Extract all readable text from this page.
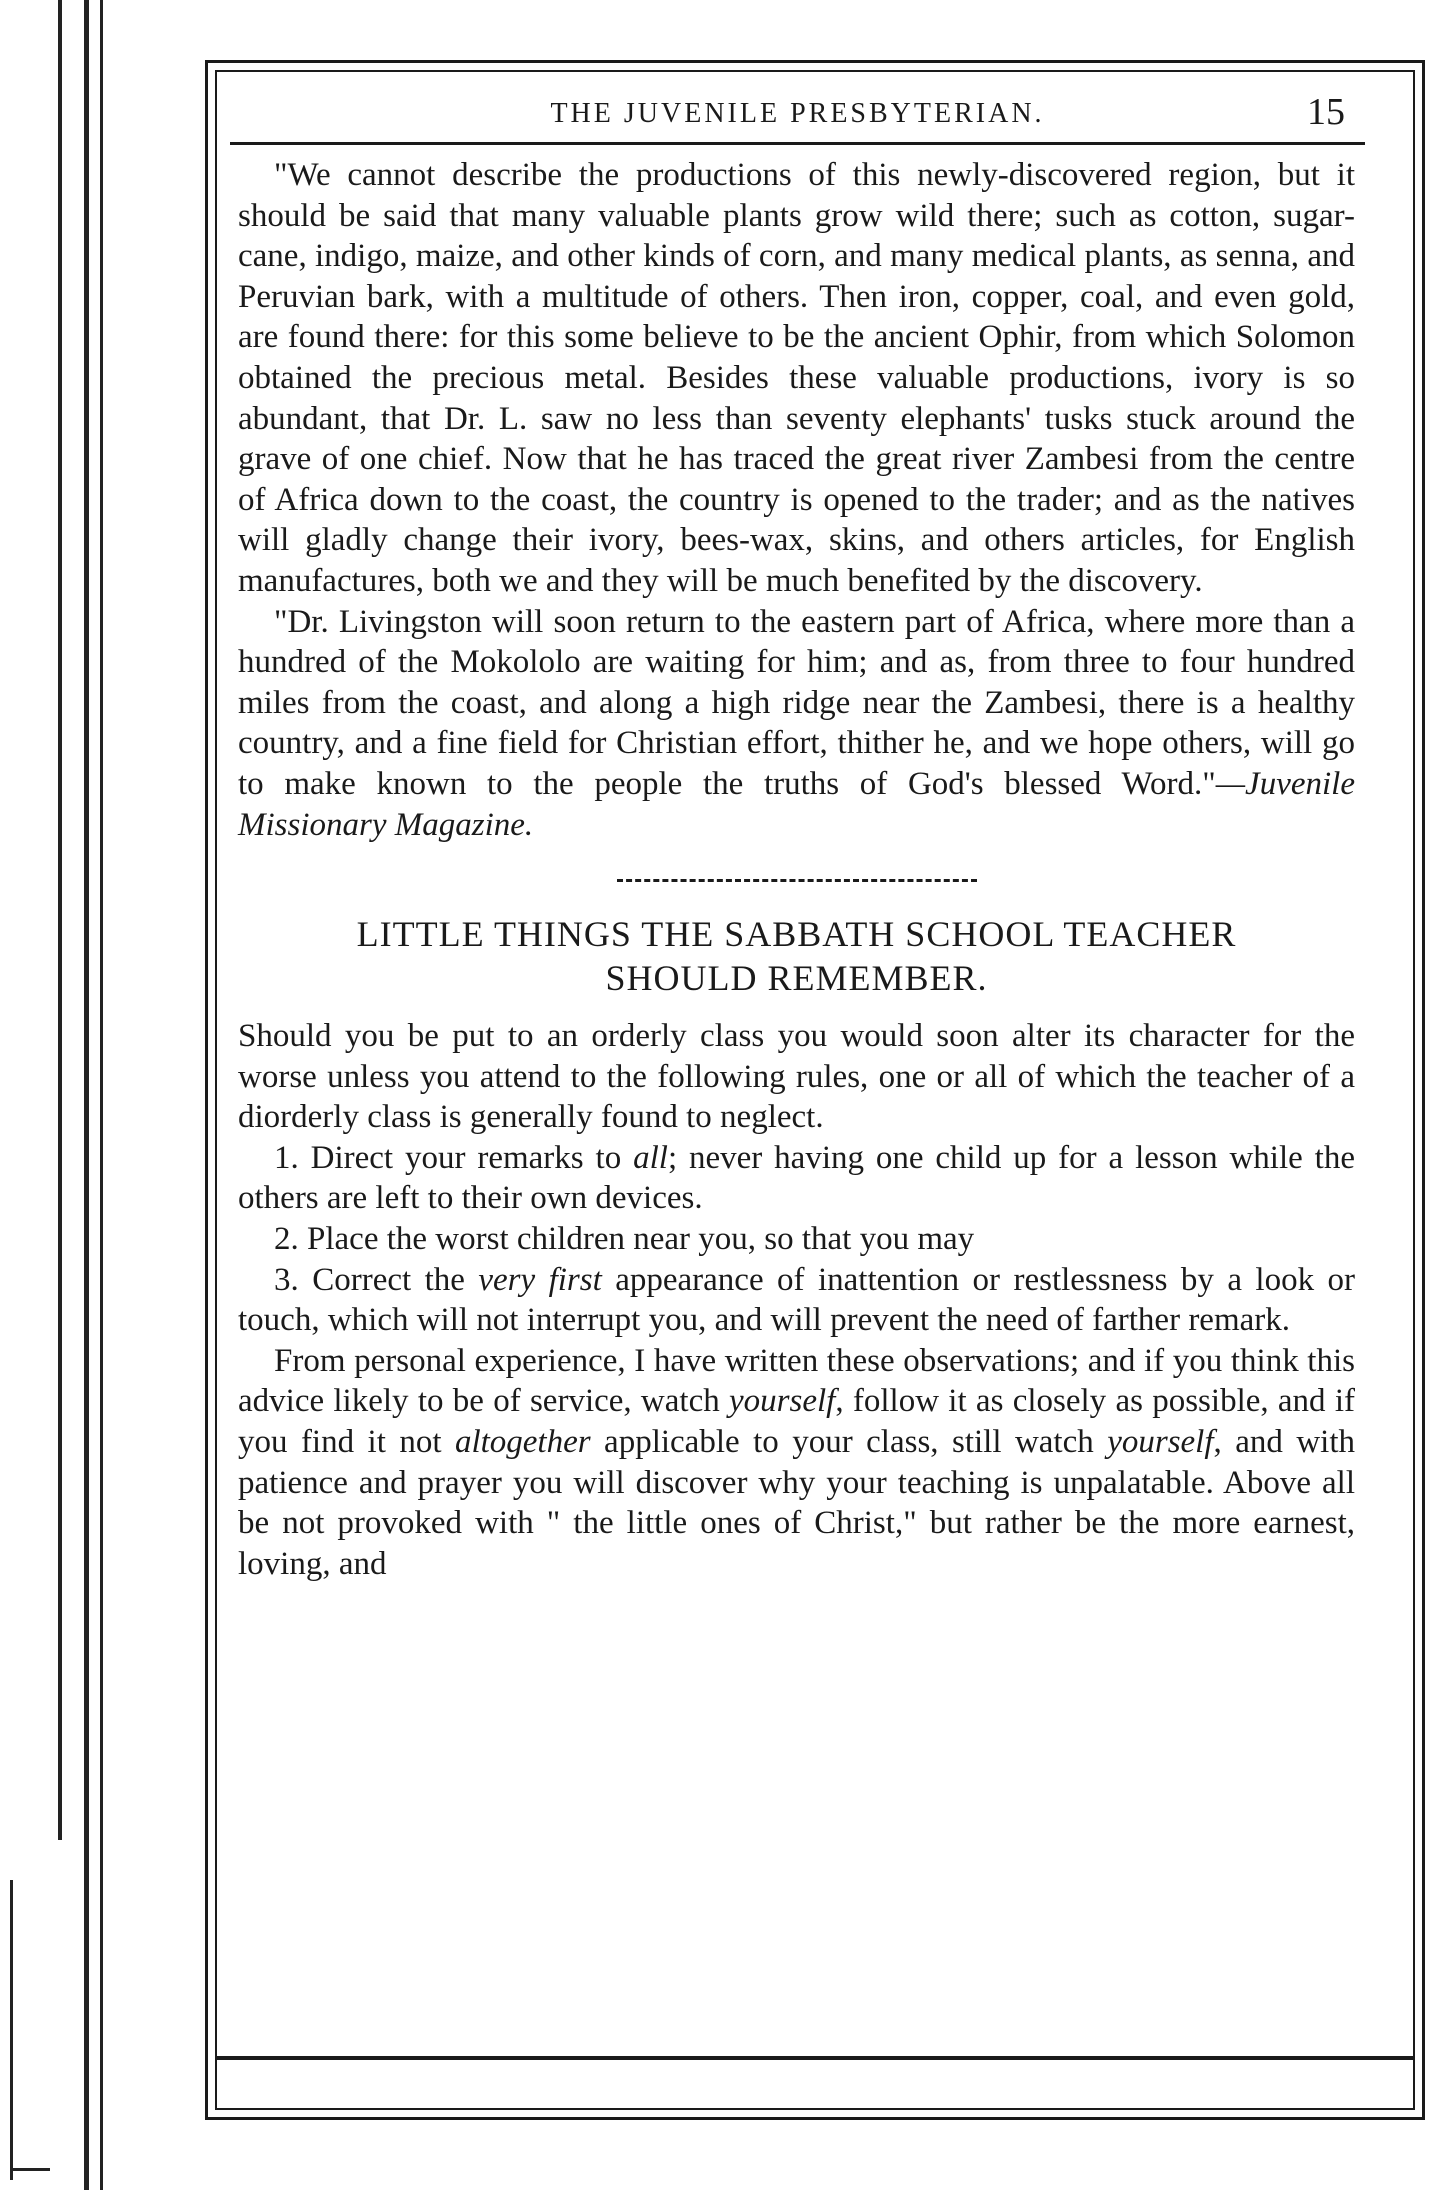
THE JUVENILE PRESBYTERIAN.	15

"We cannot describe the productions of this newly-discovered region, but it should be said that many valuable plants grow wild there; such as cotton, sugar-cane, indigo, maize, and other kinds of corn, and many medical plants, as senna, and Peruvian bark, with a multitude of others. Then iron, copper, coal, and even gold, are found there: for this some believe to be the ancient Ophir, from which Solomon obtained the precious metal. Besides these valuable productions, ivory is so abundant, that Dr. L. saw no less than seventy elephants' tusks stuck around the grave of one chief. Now that he has traced the great river Zambesi from the centre of Africa down to the coast, the country is opened to the trader; and as the natives will gladly change their ivory, bees-wax, skins, and others articles, for English manufactures, both we and they will be much benefited by the discovery.

"Dr. Livingston will soon return to the eastern part of Africa, where more than a hundred of the Mokololo are waiting for him; and as, from three to four hundred miles from the coast, and along a high ridge near the Zambesi, there is a healthy country, and a fine field for Christian effort, thither he, and we hope others, will go to make known to the people the truths of God's blessed Word."—Juvenile Missionary Magazine.

LITTLE THINGS THE SABBATH SCHOOL TEACHER
SHOULD REMEMBER.

Should you be put to an orderly class you would soon alter its character for the worse unless you attend to the following rules, one or all of which the teacher of a diorderly class is generally found to neglect.

1. Direct your remarks to all; never having one child up for a lesson while the others are left to their own devices.
2. Place the worst children near you, so that you may
3. Correct the very first appearance of inattention or restlessness by a look or touch, which will not interrupt you, and will prevent the need of farther remark.

From personal experience, I have written these observations; and if you think this advice likely to be of service, watch yourself, follow it as closely as possible, and if you find it not altogether applicable to your class, still watch yourself, and with patience and prayer you will discover why your teaching is unpalatable. Above all be not provoked with " the little ones of Christ," but rather be the more earnest, loving, and
